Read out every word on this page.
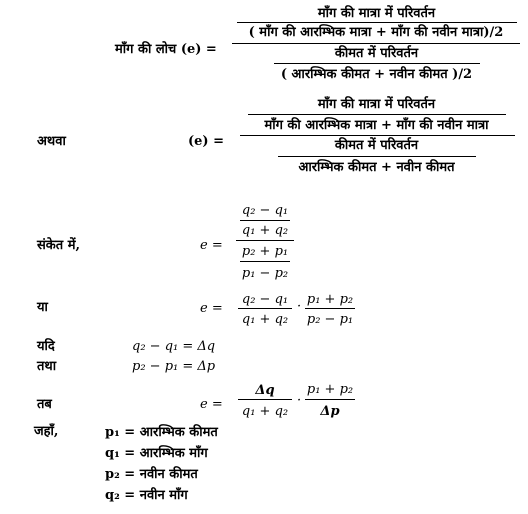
माँग की लोच (e) =
माँग की मात्रा में परिवर्तन
( माँग की आरम्भिक मात्रा + माँग की नवीन मात्रा)/2
कीमत में परिवर्तन
( आरम्भिक कीमत + नवीन कीमत )/2
अथवा	(e) =
माँग की मात्रा में परिवर्तन
माँग की आरम्भिक मात्रा + माँग की नवीन मात्रा
कीमत में परिवर्तन
आरम्भिक कीमत + नवीन कीमत
संकेत में,	e =
q₂ − q₁
q₁ + q₂
p₂ + p₁
p₁ − p₂
या	e =
q₂ − q₁
q₁ + q₂
· p₁ + p₂
p₂ − p₁
यदि	q₂ − q₁ = Δq
तथा	p₂ − p₁ = Δp
तब	e =
Δq
q₁ + q₂
·
p₁ + p₂
Δp
जहाँ,	p₁ = आरम्भिक कीमत
q₁ = आरम्भिक माँग
p₂ = नवीन कीमत
q₂ = नवीन माँग
